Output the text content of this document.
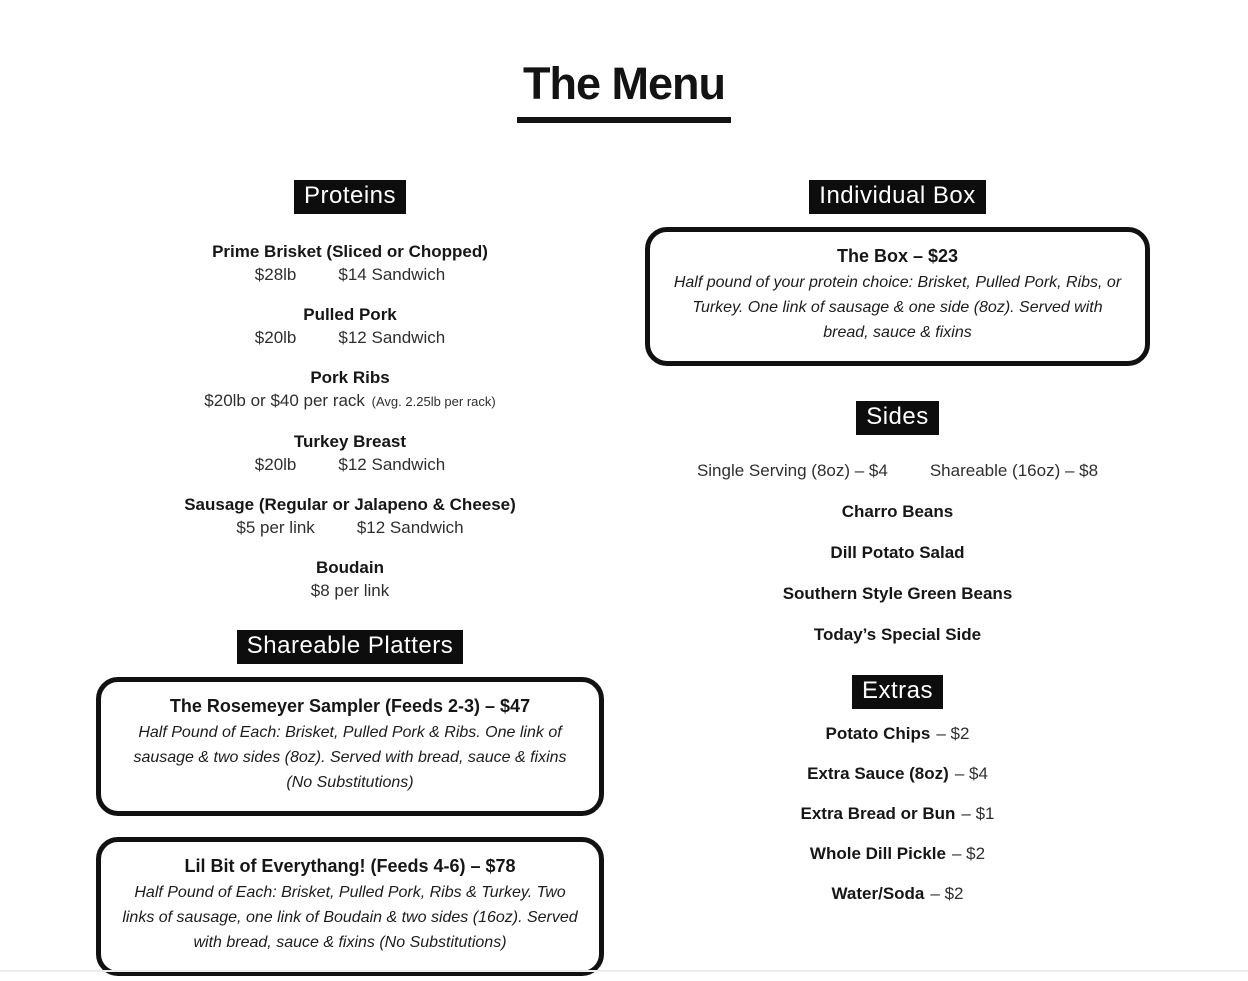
The Menu
Proteins
Prime Brisket (Sliced or Chopped)
$28lb $14 Sandwich
Pulled Pork
$20lb $12 Sandwich
Pork Ribs
$20lb or $40 per rack (Avg. 2.25lb per rack)
Turkey Breast
$20lb $12 Sandwich
Sausage (Regular or Jalapeno & Cheese)
$5 per link $12 Sandwich
Boudain
$8 per link
Shareable Platters
The Rosemeyer Sampler (Feeds 2-3) – $47
Half Pound of Each: Brisket, Pulled Pork & Ribs. One link of sausage & two sides (8oz). Served with bread, sauce & fixins (No Substitutions)
Lil Bit of Everythang! (Feeds 4-6) – $78
Half Pound of Each: Brisket, Pulled Pork, Ribs & Turkey. Two links of sausage, one link of Boudain & two sides (16oz). Served with bread, sauce & fixins (No Substitutions)
Individual Box
The Box – $23
Half pound of your protein choice: Brisket, Pulled Pork, Ribs, or Turkey. One link of sausage & one side (8oz). Served with bread, sauce & fixins
Sides
Single Serving (8oz) – $4 Shareable (16oz) – $8
Charro Beans
Dill Potato Salad
Southern Style Green Beans
Today’s Special Side
Extras
Potato Chips – $2
Extra Sauce (8oz) – $4
Extra Bread or Bun – $1
Whole Dill Pickle – $2
Water/Soda – $2
